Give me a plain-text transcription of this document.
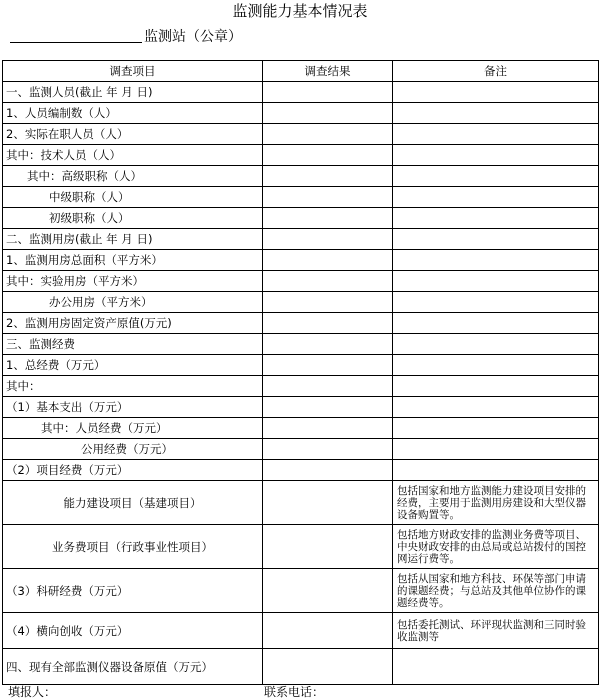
监测能力基本情况表
监测站（公章）
调查项目	调查结果	备注
一、监测人员(截止 年 月 日)		
1、人员编制数（人）		
2、实际在职人员（人）		
其中：技术人员（人）		
其中：高级职称（人）		
中级职称（人）		
初级职称（人）		
二、监测用房(截止 年 月 日)		
1、监测用房总面积（平方米）		
其中：实验用房（平方米）		
办公用房（平方米）		
2、监测用房固定资产原值(万元)		
三、监测经费		
1、总经费（万元）		
其中：		
（1）基本支出（万元）		
其中：人员经费（万元）		
公用经费（万元）		
（2）项目经费（万元）		
能力建设项目（基建项目）		包括国家和地方监测能力建设项目安排的经费，主要用于监测用房建设和大型仪器设备购置等。
业务费项目（行政事业性项目）		包括地方财政安排的监测业务费等项目、中央财政安排的由总局或总站拨付的国控网运行费等。
（3）科研经费（万元）		包括从国家和地方科技、环保等部门申请的课题经费；与总站及其他单位协作的课题经费等。
（4）横向创收（万元）		包括委托测试、环评现状监测和三同时验收监测等
四、现有全部监测仪器设备原值（万元）		
填报人：	联系电话：
